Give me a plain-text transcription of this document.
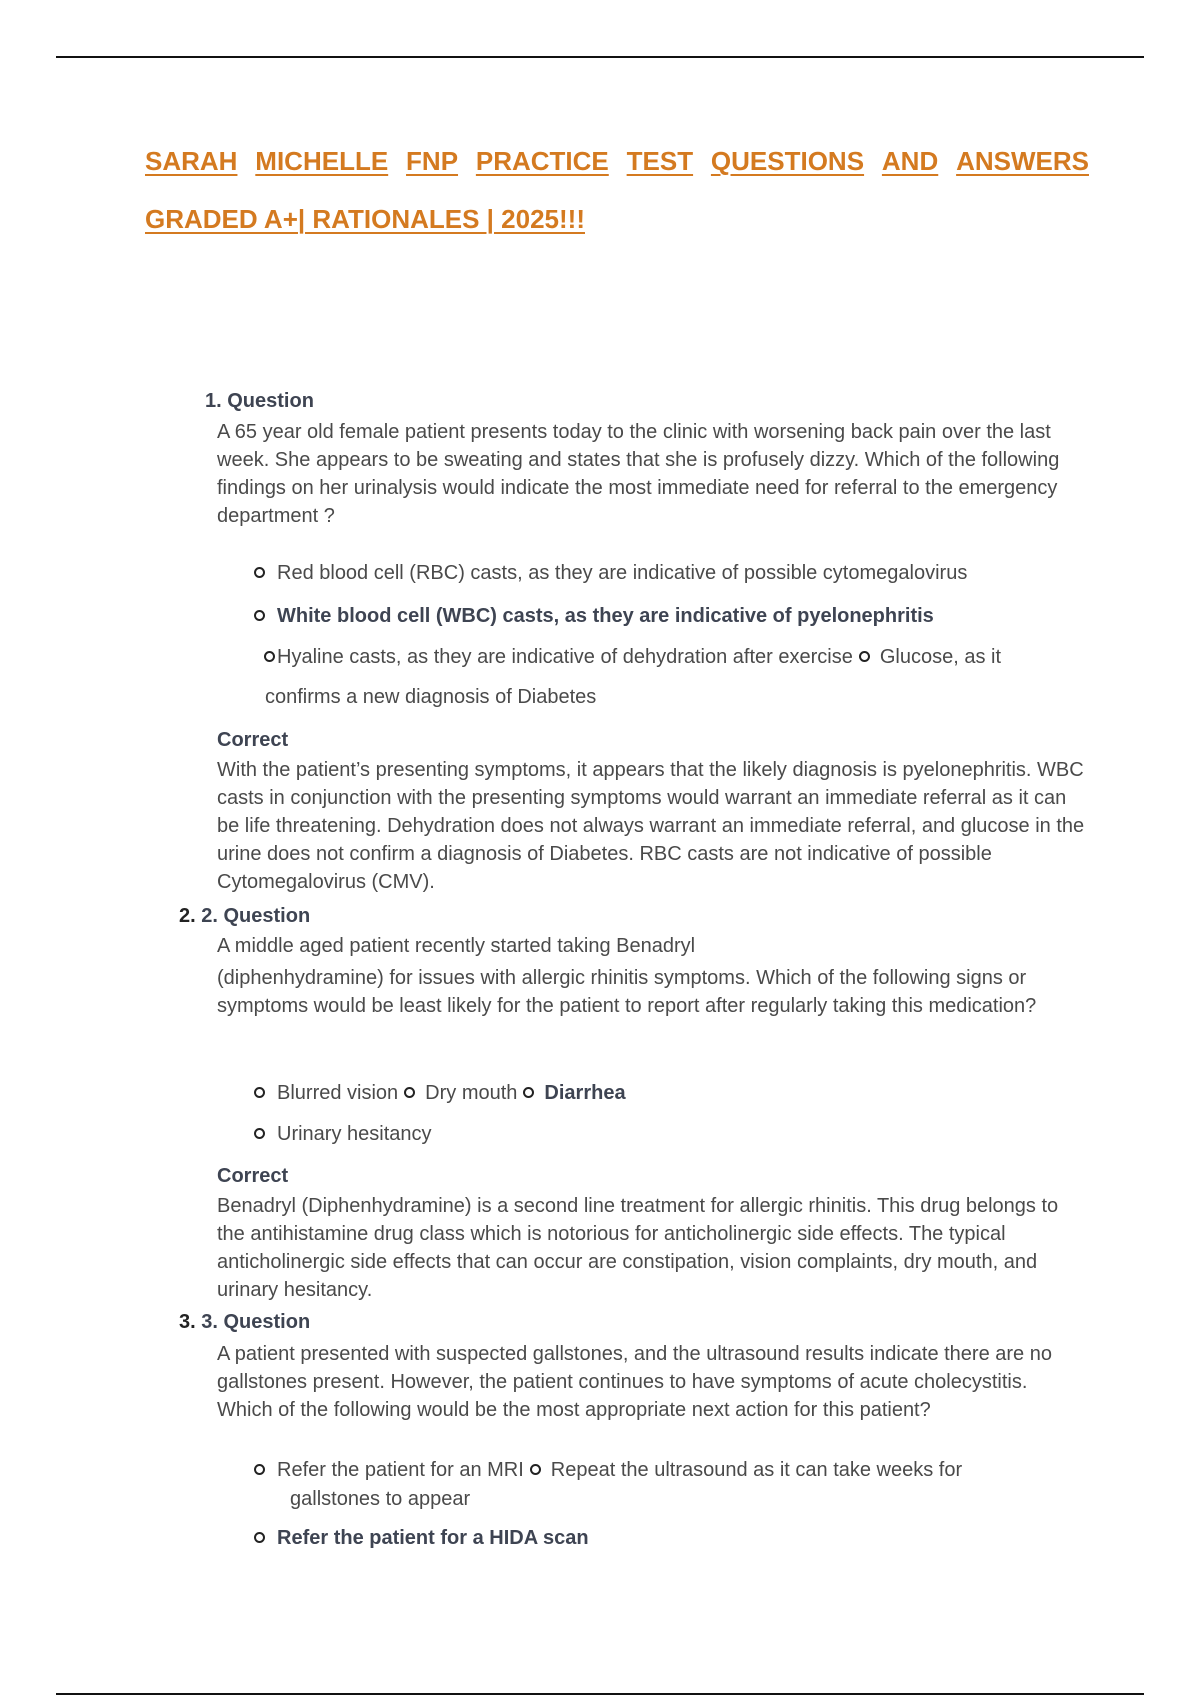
SARAH MICHELLE FNP PRACTICE TEST QUESTIONS AND ANSWERS
GRADED A+| RATIONALES | 2025!!!
1. Question
A 65 year old female patient presents today to the clinic with worsening back pain over the last week. She appears to be sweating and states that she is profusely dizzy. Which of the following findings on her urinalysis would indicate the most immediate need for referral to the emergency department ?
Red blood cell (RBC) casts, as they are indicative of possible cytomegalovirus
White blood cell (WBC) casts, as they are indicative of pyelonephritis
Hyaline casts, as they are indicative of dehydration after exercise Glucose, as it
confirms a new diagnosis of Diabetes
Correct
With the patient’s presenting symptoms, it appears that the likely diagnosis is pyelonephritis. WBC casts in conjunction with the presenting symptoms would warrant an immediate referral as it can be life threatening. Dehydration does not always warrant an immediate referral, and glucose in the urine does not confirm a diagnosis of Diabetes. RBC casts are not indicative of possible Cytomegalovirus (CMV).
2. 2. Question
A middle aged patient recently started taking Benadryl
(diphenhydramine) for issues with allergic rhinitis symptoms. Which of the following signs or symptoms would be least likely for the patient to report after regularly taking this medication?
Blurred vision Dry mouth Diarrhea
Urinary hesitancy
Correct
Benadryl (Diphenhydramine) is a second line treatment for allergic rhinitis. This drug belongs to the antihistamine drug class which is notorious for anticholinergic side effects. The typical anticholinergic side effects that can occur are constipation, vision complaints, dry mouth, and urinary hesitancy.
3. 3. Question
A patient presented with suspected gallstones, and the ultrasound results indicate there are no gallstones present. However, the patient continues to have symptoms of acute cholecystitis. Which of the following would be the most appropriate next action for this patient?
Refer the patient for an MRI Repeat the ultrasound as it can take weeks for
gallstones to appear
Refer the patient for a HIDA scan
